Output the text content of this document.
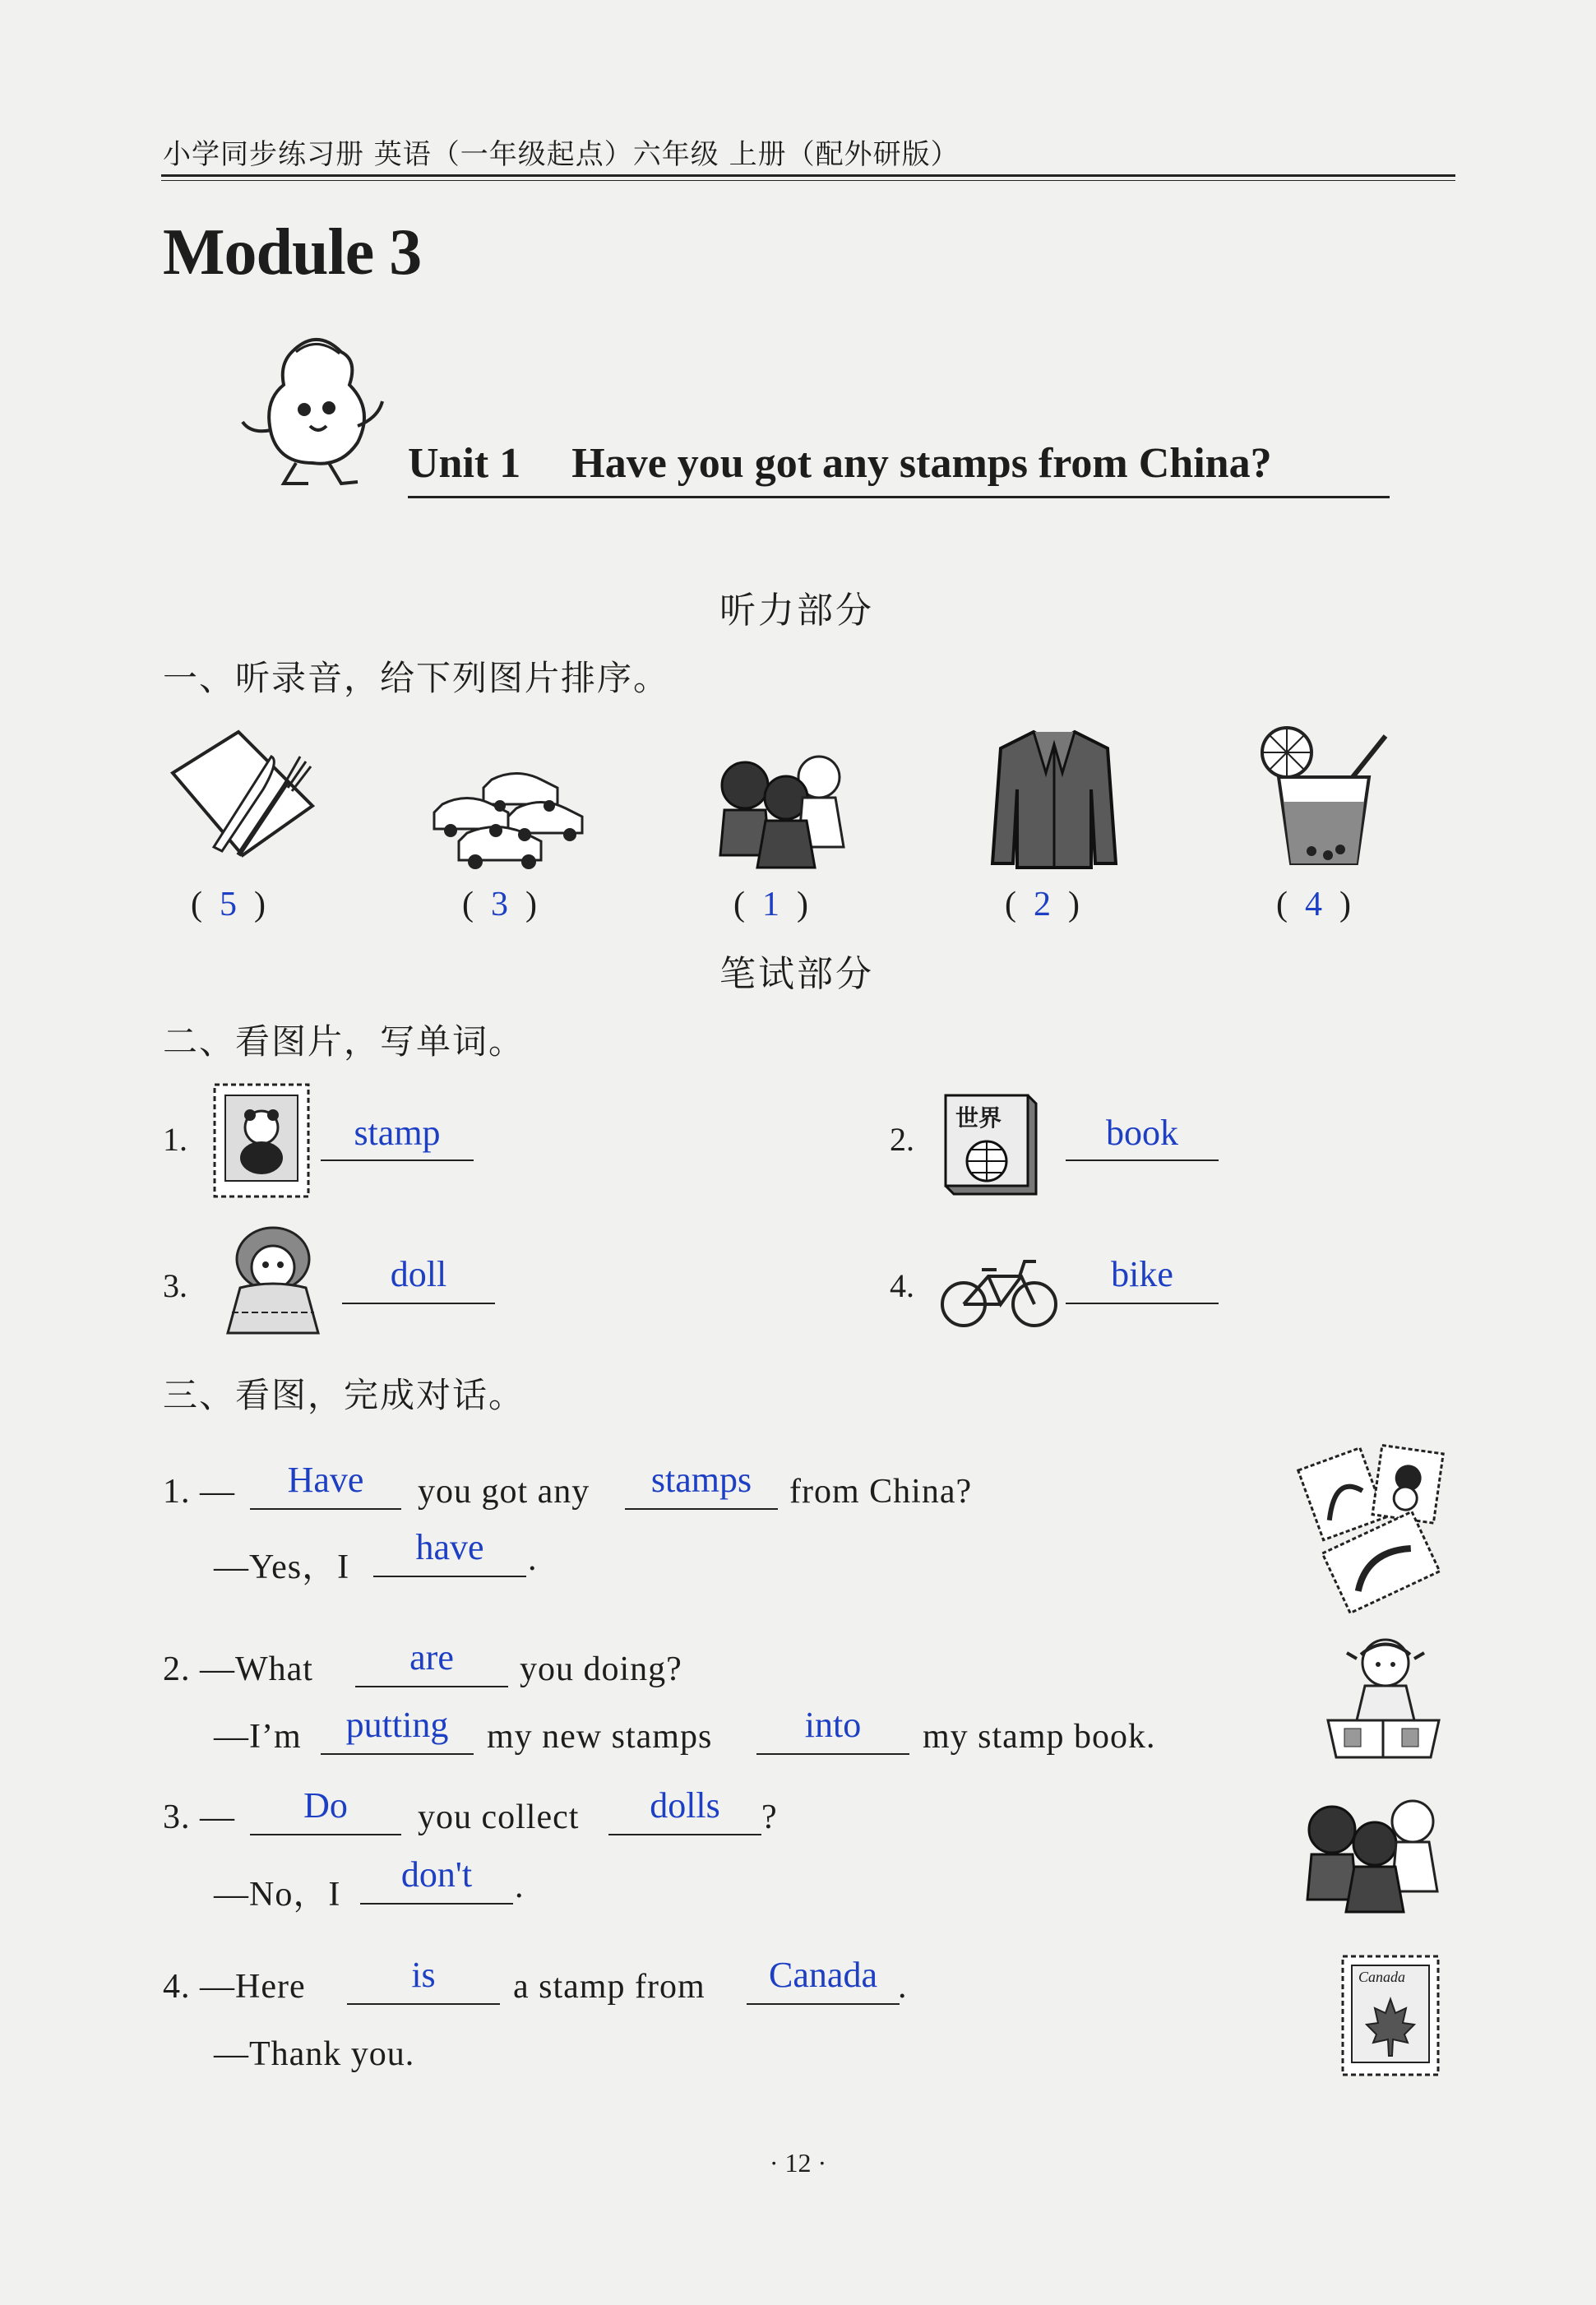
小学同步练习册 英语（一年级起点）六年级 上册（配外研版）
Module 3
Unit 1 Have you got any stamps from China?
听力部分
一、听录音，给下列图片排序。
(  5  )	(  3  )	(  1  )	(  2  )	(  4  )
笔试部分
二、看图片，写单词。
1.	stamp	2.
世界	book
3.	doll	4.	bike
三、看图，完成对话。
1. —	Have	you got any	stamps	from China?
—Yes，I	have	.
2. —What	are	you doing?
—I’m	putting	my new stamps	into	my stamp book.
3. —	Do	you collect	dolls	?
—No，I	don't	.
4. —Here	is	a stamp from	Canada .
—Thank you.
Canada
· 12 ·
